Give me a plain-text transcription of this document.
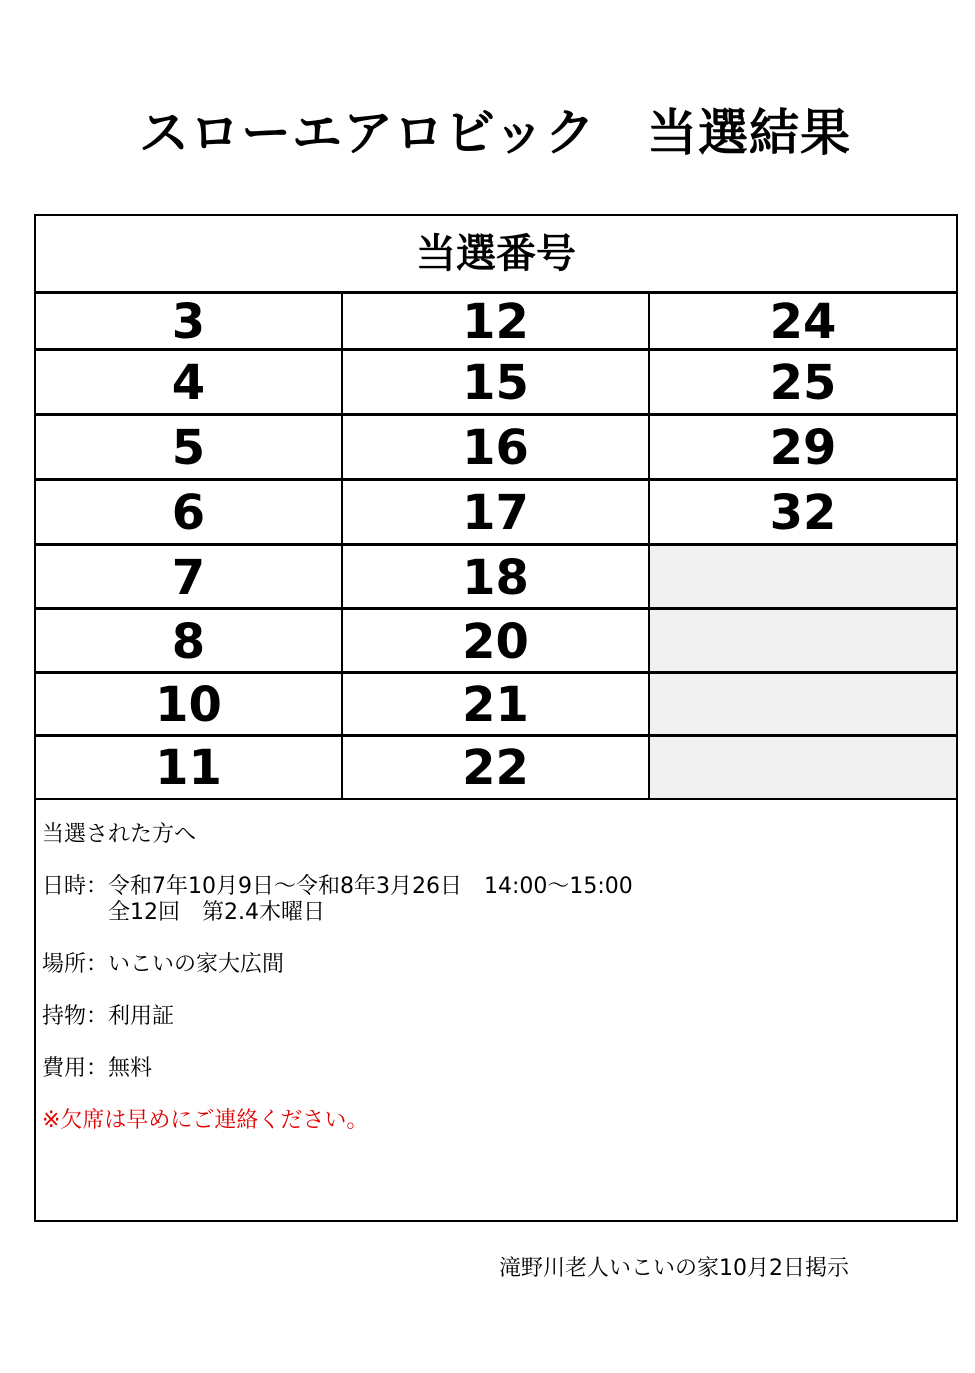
スローエアロビック　当選結果
当選番号
3	12	24
4	15	25
5	16	29
6	17	32
7	18
8	20
10	21
11	22

当選された方へ

日時：令和7年10月9日～令和8年3月26日　14:00～15:00

　　　全12回　第2.4木曜日

場所：いこいの家大広間

持物：利用証

費用：無料

※欠席は早めにご連絡ください。

滝野川老人いこいの家10月2日掲示
